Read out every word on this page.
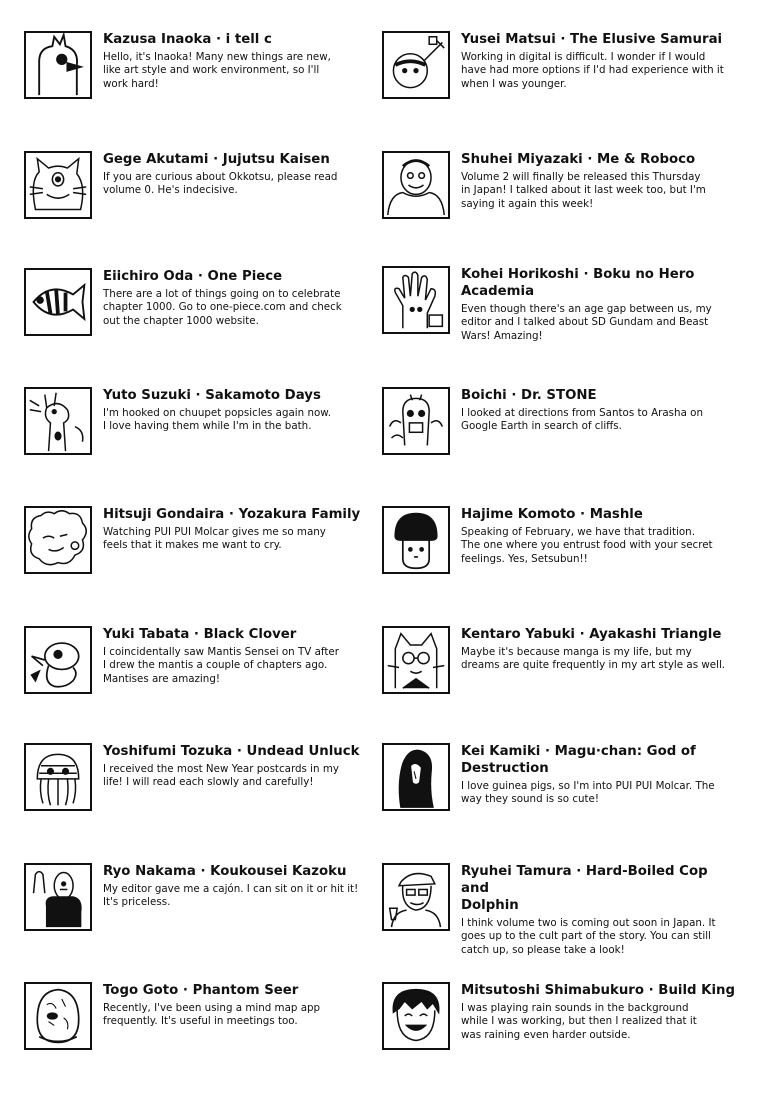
Kazusa Inaoka · i tell c
Hello, it's Inaoka! Many new things are new,
like art style and work environment, so I'll
work hard!
Gege Akutami · Jujutsu Kaisen
If you are curious about Okkotsu, please read
volume 0. He's indecisive.
Eiichiro Oda · One Piece
There are a lot of things going on to celebrate
chapter 1000. Go to one-piece.com and check
out the chapter 1000 website.
Yuto Suzuki · Sakamoto Days
I'm hooked on chuupet popsicles again now.
I love having them while I'm in the bath.
Hitsuji Gondaira · Yozakura Family
Watching PUI PUI Molcar gives me so many
feels that it makes me want to cry.
Yuki Tabata · Black Clover
I coincidentally saw Mantis Sensei on TV after
I drew the mantis a couple of chapters ago.
Mantises are amazing!
Yoshifumi Tozuka · Undead Unluck
I received the most New Year postcards in my
life! I will read each slowly and carefully!
Ryo Nakama · Koukousei Kazoku
My editor gave me a cajón. I can sit on it or hit it!
It's priceless.
Togo Goto · Phantom Seer
Recently, I've been using a mind map app
frequently. It's useful in meetings too.
Yusei Matsui · The Elusive Samurai
Working in digital is difficult. I wonder if I would
have had more options if I'd had experience with it
when I was younger.
Shuhei Miyazaki · Me & Roboco
Volume 2 will finally be released this Thursday
in Japan! I talked about it last week too, but I'm
saying it again this week!
Kohei Horikoshi · Boku no Hero
Academia
Even though there's an age gap between us, my
editor and I talked about SD Gundam and Beast
Wars! Amazing!
Boichi · Dr. STONE
I looked at directions from Santos to Arasha on
Google Earth in search of cliffs.
Hajime Komoto · Mashle
Speaking of February, we have that tradition.
The one where you entrust food with your secret
feelings. Yes, Setsubun!!
Kentaro Yabuki · Ayakashi Triangle
Maybe it's because manga is my life, but my
dreams are quite frequently in my art style as well.
Kei Kamiki · Magu·chan: God of
Destruction
I love guinea pigs, so I'm into PUI PUI Molcar. The
way they sound is so cute!
Ryuhei Tamura · Hard-Boiled Cop and
Dolphin
I think volume two is coming out soon in Japan. It
goes up to the cult part of the story. You can still
catch up, so please take a look!
Mitsutoshi Shimabukuro · Build King
I was playing rain sounds in the background
while I was working, but then I realized that it
was raining even harder outside.
